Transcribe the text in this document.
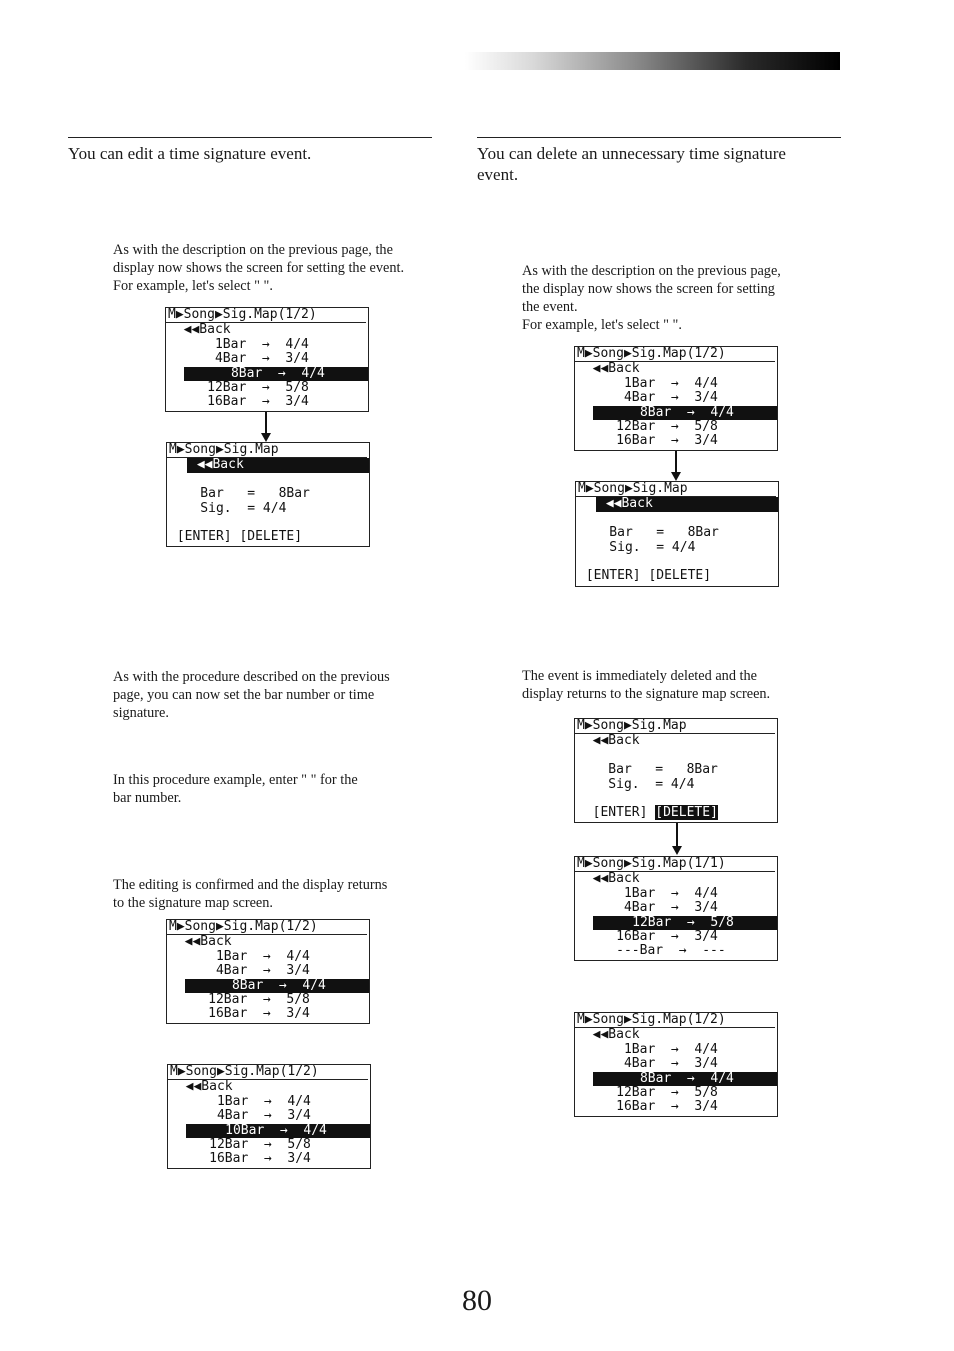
You can edit a time signature event.

As with the description on the previous page, the
display now shows the screen for setting the event.
For example, let's select " ".

M▶Song▶Sig.Map(1/2)
◀◀Back
1Bar  →  4/4
4Bar  →  3/4
8Bar  →  4/4
12Bar  →  5/8
16Bar  →  3/4
M▶Song▶Sig.Map
◀◀Back
Bar   =   8Bar
Sig.  = 4/4
[ENTER] [DELETE]

As with the procedure described on the previous
page, you can now set the bar number or time
signature.

In this procedure example, enter " " for the
bar number.

The editing is confirmed and the display returns
to the signature map screen.

M▶Song▶Sig.Map(1/2)
◀◀Back
1Bar  →  4/4
4Bar  →  3/4
8Bar  →  4/4
12Bar  →  5/8
16Bar  →  3/4
M▶Song▶Sig.Map(1/2)
◀◀Back
1Bar  →  4/4
4Bar  →  3/4
10Bar  →  4/4
12Bar  →  5/8
16Bar  →  3/4

You can delete an unnecessary time signature
event.

As with the description on the previous page,
the display now shows the screen for setting
the event.
For example, let's select " ".

M▶Song▶Sig.Map(1/2)
◀◀Back
1Bar  →  4/4
4Bar  →  3/4
8Bar  →  4/4
12Bar  →  5/8
16Bar  →  3/4
M▶Song▶Sig.Map
◀◀Back
Bar   =   8Bar
Sig.  = 4/4
[ENTER] [DELETE]

The event is immediately deleted and the
display returns to the signature map screen.

M▶Song▶Sig.Map
◀◀Back
Bar   =   8Bar
Sig.  = 4/4
[ENTER] [DELETE]
M▶Song▶Sig.Map(1/1)
◀◀Back
1Bar  →  4/4
4Bar  →  3/4
12Bar  →  5/8
16Bar  →  3/4
---Bar  →  ---
M▶Song▶Sig.Map(1/2)
◀◀Back
1Bar  →  4/4
4Bar  →  3/4
8Bar  →  4/4
12Bar  →  5/8
16Bar  →  3/4
80
